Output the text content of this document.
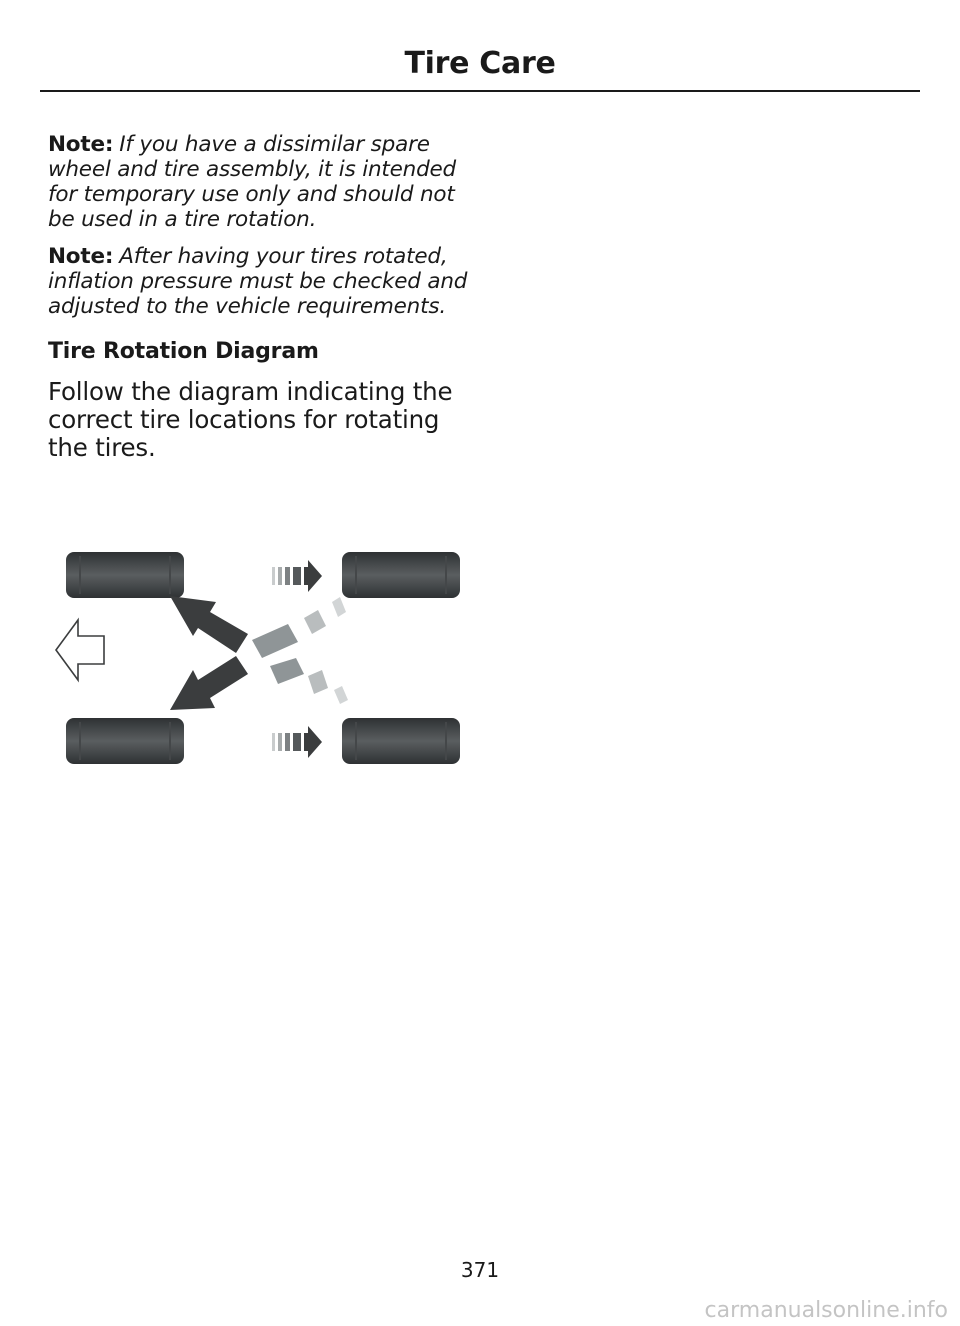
Tire Care

Note: If you have a dissimilar spare wheel and tire assembly, it is intended for temporary use only and should not be used in a tire rotation.

Note: After having your tires rotated, inflation pressure must be checked and adjusted to the vehicle requirements.

Tire Rotation Diagram

Follow the diagram indicating the correct tire locations for rotating the tires.

371
carmanualsonline.info
